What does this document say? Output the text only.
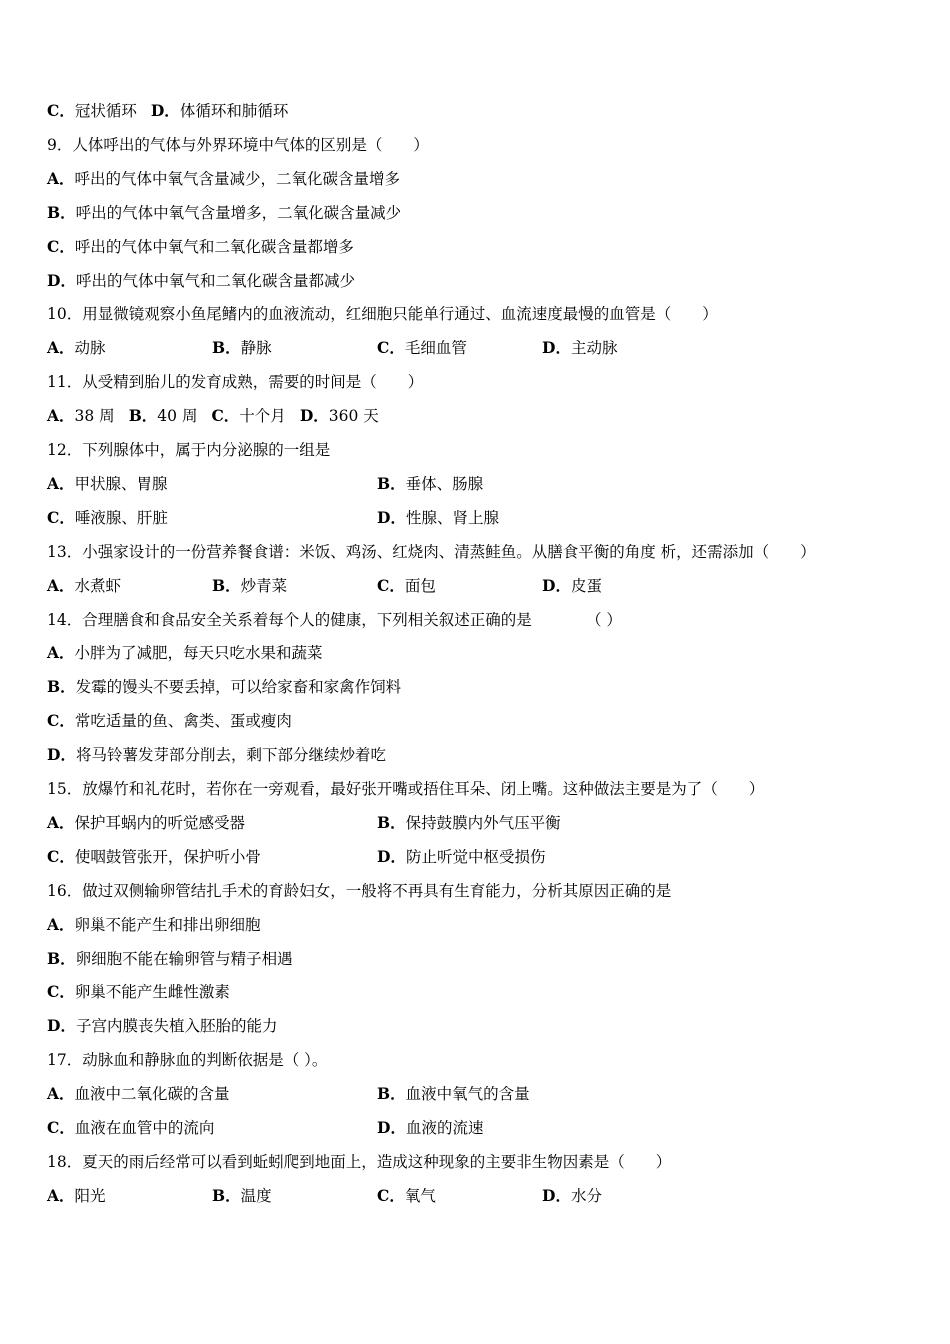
C．冠状循环 D．体循环和肺循环
9．人体呼出的气体与外界环境中气体的区别是（　　）
A．呼出的气体中氧气含量减少，二氧化碳含量增多
B．呼出的气体中氧气含量增多，二氧化碳含量减少
C．呼出的气体中氧气和二氧化碳含量都增多
D．呼出的气体中氧气和二氧化碳含量都减少
10．用显微镜观察小鱼尾鳍内的血液流动，红细胞只能单行通过、血流速度最慢的血管是（　　）
A．动脉	B．静脉	C．毛细血管	D．主动脉
11．从受精到胎儿的发育成熟，需要的时间是（　　）
A．38 周 B．40 周 C．十个月 D．360 天
12．下列腺体中，属于内分泌腺的一组是
A．甲状腺、胃腺	B．垂体、肠腺
C．唾液腺、肝脏	D．性腺、肾上腺
13．小强家设计的一份营养餐食谱：米饭、鸡汤、红烧肉、清蒸鲑鱼。从膳食平衡的角度 析，还需添加（　　）
A．水煮虾	B．炒青菜	C．面包	D．皮蛋
14．合理膳食和食品安全关系着每个人的健康，下列相关叙述正确的是　　　　（ ）
A．小胖为了减肥，每天只吃水果和蔬菜
B．发霉的馒头不要丢掉，可以给家畜和家禽作饲料
C．常吃适量的鱼、禽类、蛋或瘦肉
D．将马铃薯发芽部分削去，剩下部分继续炒着吃
15．放爆竹和礼花时，若你在一旁观看，最好张开嘴或捂住耳朵、闭上嘴。这种做法主要是为了（　　）
A．保护耳蜗内的听觉感受器	B．保持鼓膜内外气压平衡
C．使咽鼓管张开，保护听小骨	D．防止听觉中枢受损伤
16．做过双侧输卵管结扎手术的育龄妇女，一般将不再具有生育能力，分析其原因正确的是
A．卵巢不能产生和排出卵细胞
B．卵细胞不能在输卵管与精子相遇
C．卵巢不能产生雌性激素
D．子宫内膜丧失植入胚胎的能力
17．动脉血和静脉血的判断依据是（ ）。
A．血液中二氧化碳的含量	B．血液中氧气的含量
C．血液在血管中的流向	D．血液的流速
18．夏天的雨后经常可以看到蚯蚓爬到地面上，造成这种现象的主要非生物因素是（　　）
A．阳光	B．温度	C．氧气	D．水分
